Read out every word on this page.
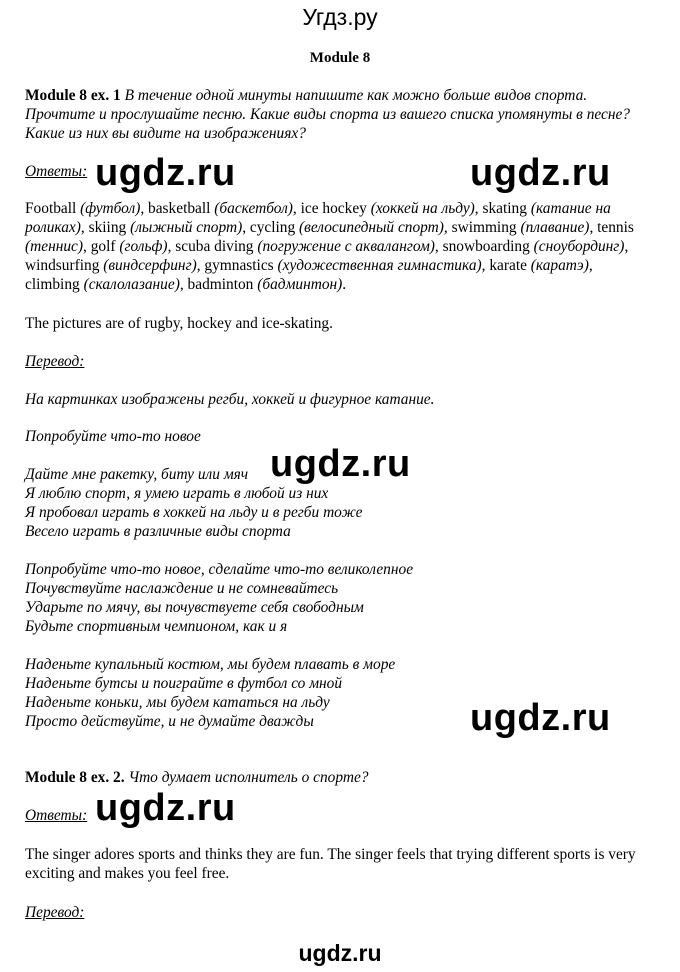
Угдз.ру
Module 8

Module 8 ex. 1 В течение одной минуты напишите как можно больше видов спорта. Прочтите и прослушайте песню. Какие виды спорта из вашего списка упомянуты в песне? Какие из них вы видите на изображениях?

Ответы: ugdz.ru	ugdz.ru

Football (футбол), basketball (баскетбол), ice hockey (хоккей на льду), skating (катание на роликах), skiing (лыжный спорт), cycling (велосипедный спорт), swimming (плавание), tennis (теннис), golf (гольф), scuba diving (погружение с аквалангом), snowboarding (сноубординг), windsurfing (виндсерфинг), gymnastics (художественная гимнастика), karate (каратэ), climbing (скалолазание), badminton (бадминтон).

The pictures are of rugby, hockey and ice-skating.
Перевод:
На картинках изображены регби, хоккей и фигурное катание.
Попробуйте что-то новое
ugdz.ru
Дайте мне ракетку, биту или мяч
Я люблю спорт, я умею играть в любой из них
Я пробовал играть в хоккей на льду и в регби тоже
Весело играть в различные виды спорта
Попробуйте что-то новое, сделайте что-то великолепное
Почувствуйте наслаждение и не сомневайтесь
Ударьте по мячу, вы почувствуете себя свободным
Будьте спортивным чемпионом, как и я
Наденьте купальный костюм, мы будем плавать в море
Наденьте бутсы и поиграйте в футбол со мной
Наденьте коньки, мы будем кататься на льду
Просто действуйте, и не думайте дважды	ugdz.ru

Module 8 ex. 2. Что думает исполнитель о спорте?

Ответы: ugdz.ru

The singer adores sports and thinks they are fun. The singer feels that trying different sports is very exciting and makes you feel free.

Перевод:
ugdz.ru
